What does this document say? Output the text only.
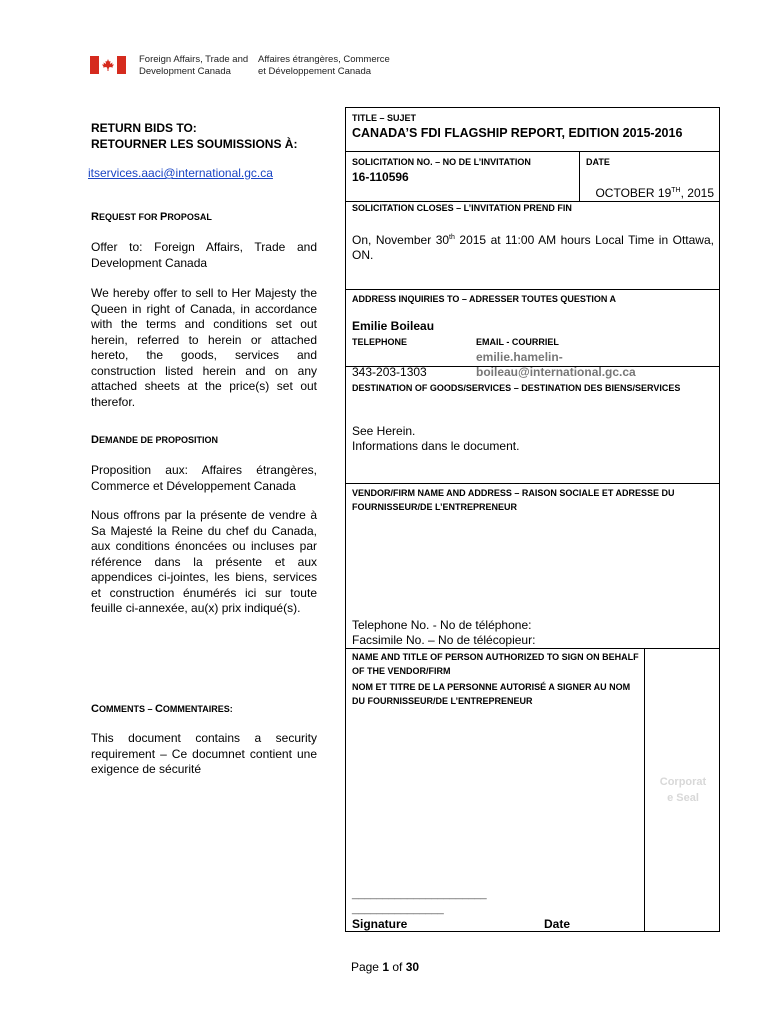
Foreign Affairs, Trade and
Development Canada
Affaires étrangères, Commerce
et Développement Canada
RETURN BIDS TO:
RETOURNER LES SOUMISSIONS À:
itservices.aaci@international.gc.ca
REQUEST FOR PROPOSAL
Offer to: Foreign Affairs, Trade and Development Canada
We hereby offer to sell to Her Majesty the Queen in right of Canada, in accordance with the terms and conditions set out herein, referred to herein or attached hereto, the goods, services and construction listed herein and on any attached sheets at the price(s) set out therefor.
DEMANDE DE PROPOSITION
Proposition aux: Affaires étrangères, Commerce et Développement Canada
Nous offrons par la présente de vendre à Sa Majesté la Reine du chef du Canada, aux conditions énoncées ou incluses par référence dans la présente et aux appendices ci-jointes, les biens, services et construction énumérés ici sur toute feuille ci-annexée, au(x) prix indiqué(s).
COMMENTS – COMMENTAIRES:
This document contains a security requirement – Ce documnet contient une exigence de sécurité
TITLE – SUJET
CANADA’S FDI FLAGSHIP REPORT, EDITION 2015-2016
SOLICITATION NO. – NO DE L’INVITATION
16-110596
DATE
OCTOBER 19TH, 2015
SOLICITATION CLOSES – L’INVITATION PREND FIN
On, November 30th 2015 at 11:00 AM hours Local Time in Ottawa, ON.
ADDRESS INQUIRIES TO – ADRESSER TOUTES QUESTION A
Emilie Boileau
TELEPHONE
343-203-1303
EMAIL - COURRIEL
emilie.hamelin-
boileau@international.gc.ca
DESTINATION OF GOODS/SERVICES – DESTINATION DES BIENS/SERVICES
See Herein.
Informations dans le document.
VENDOR/FIRM NAME AND ADDRESS – RAISON SOCIALE ET ADRESSE DU FOURNISSEUR/DE L’ENTREPRENEUR
Telephone No. - No de téléphone:
Facsimile No. – No de télécopieur:
NAME AND TITLE OF PERSON AUTHORIZED TO SIGN ON BEHALF OF THE VENDOR/FIRM
NOM ET TITRE DE LA PERSONNE AUTORISÉ A SIGNER AU NOM DU FOURNISSEUR/DE L’ENTREPRENEUR
Corporat
e Seal
______________________
_______________
Signature	Date
Page 1 of 30
